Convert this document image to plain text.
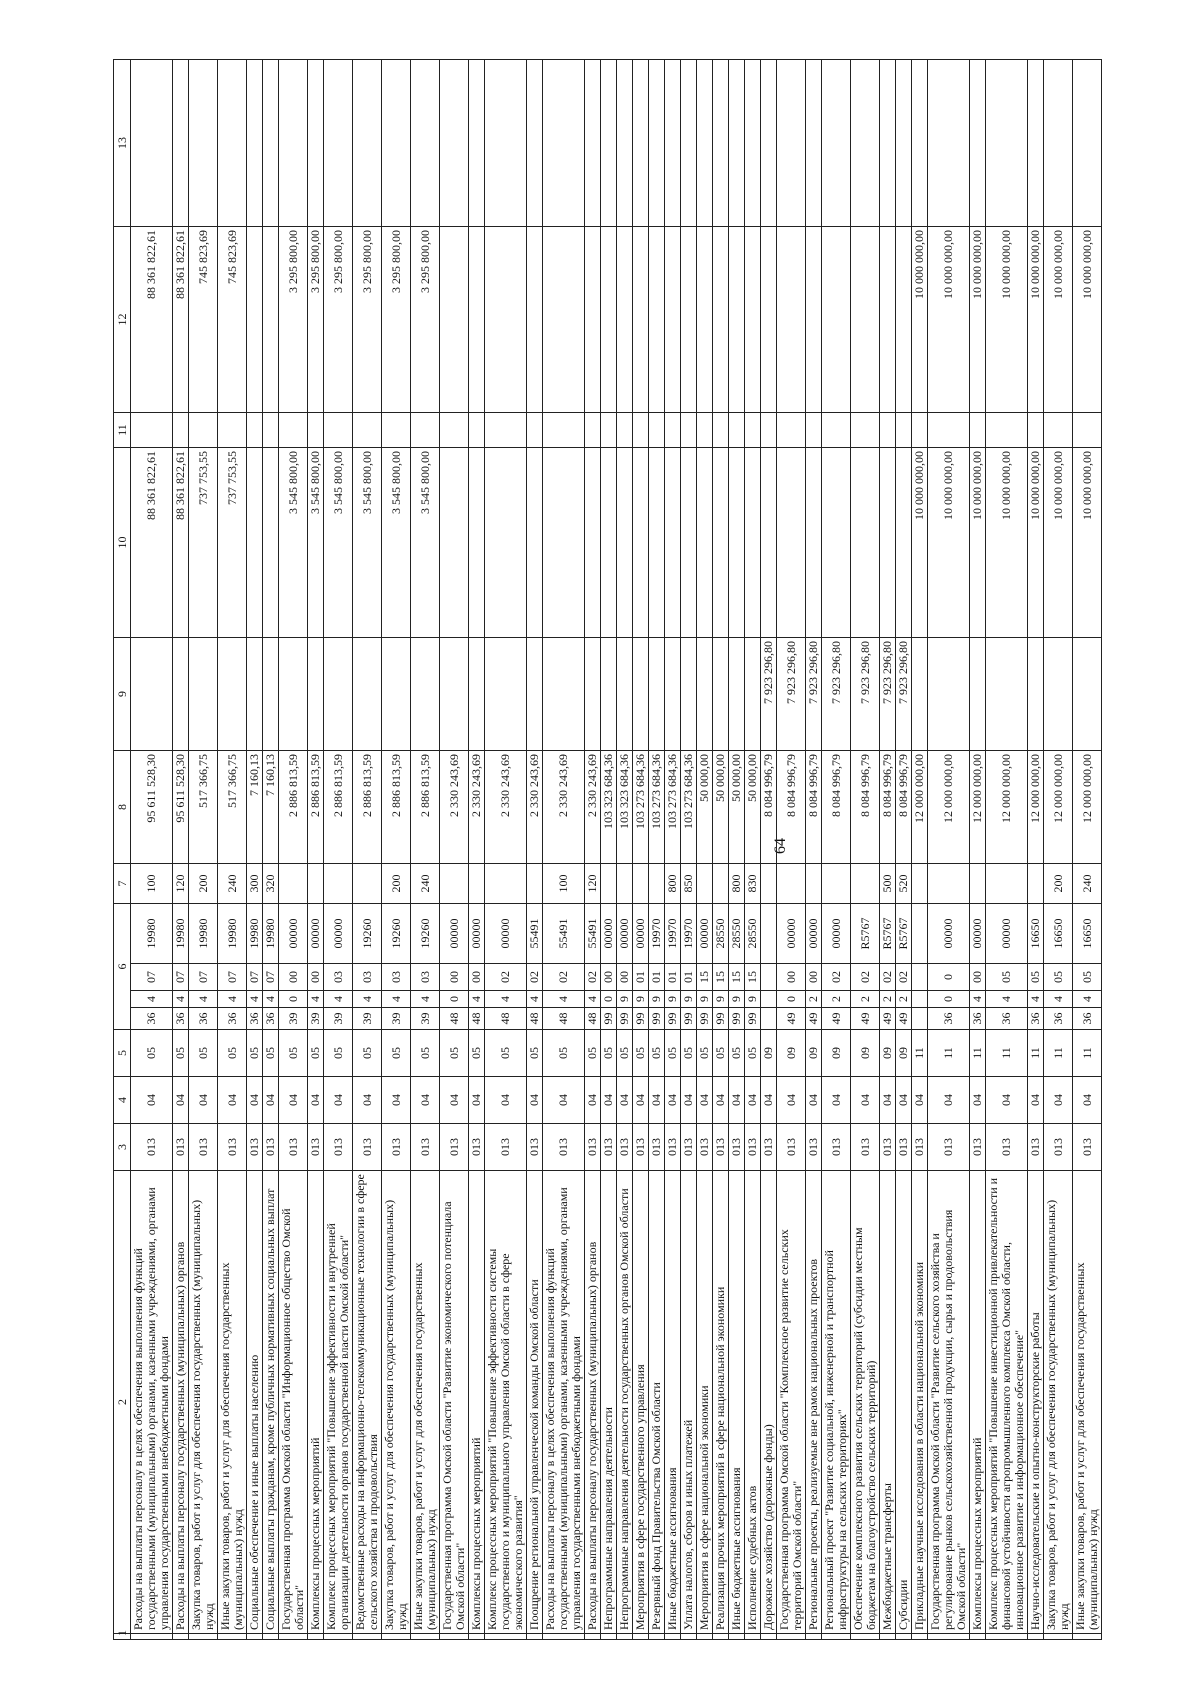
64
1	2	3	4	5	6				7	8	9	10	11	12	13
	Расходы на выплаты персоналу в целях обеспечения выполнения функций государственными (муниципальными) органами, казенными учреждениями, органами управления государственными внебюджетными фондами	013	04	05	36	4	07	19980	100	95 611 528,30		88 361 822,61		88 361 822,61	
	Расходы на выплаты персоналу государственных (муниципальных) органов	013	04	05	36	4	07	19980	120	95 611 528,30		88 361 822,61		88 361 822,61	
	Закупка товаров, работ и услуг для обеспечения государственных (муниципальных) нужд	013	04	05	36	4	07	19980	200	517 366,75		737 753,55		745 823,69	
	Иные закупки товаров, работ и услуг для обеспечения государственных (муниципальных) нужд	013	04	05	36	4	07	19980	240	517 366,75		737 753,55		745 823,69	
	Социальные обеспечение и иные выплаты населению	013	04	05	36	4	07	19980	300	7 160,13					
	Социальные выплаты гражданам, кроме публичных нормативных социальных выплат	013	04	05	36	4	07	19980	320	7 160,13					
	Государственная программа Омской области "Информационное общество Омской области"	013	04	05	39	0	00	00000		2 886 813,59		3 545 800,00		3 295 800,00	
	Комплексы процессных мероприятий	013	04	05	39	4	00	00000		2 886 813,59		3 545 800,00		3 295 800,00	
	Комплекс процессных мероприятий "Повышение эффективности и внутренней организации деятельности органов государственной власти Омской области"	013	04	05	39	4	03	00000		2 886 813,59		3 545 800,00		3 295 800,00	
	Ведомственные расходы на информационно-телекоммуникационные технологии в сфере сельского хозяйства и продовольствия	013	04	05	39	4	03	19260		2 886 813,59		3 545 800,00		3 295 800,00	
	Закупка товаров, работ и услуг для обеспечения государственных (муниципальных) нужд	013	04	05	39	4	03	19260	200	2 886 813,59		3 545 800,00		3 295 800,00	
	Иные закупки товаров, работ и услуг для обеспечения государственных (муниципальных) нужд	013	04	05	39	4	03	19260	240	2 886 813,59		3 545 800,00		3 295 800,00	
	Государственная программа Омской области "Развитие экономического потенциала Омской области"	013	04	05	48	0	00	00000		2 330 243,69					
	Комплексы процессных мероприятий	013	04	05	48	4	00	00000		2 330 243,69					
	Комплекс процессных мероприятий "Повышение эффективности системы государственного и муниципального управления Омской области в сфере экономического развития"	013	04	05	48	4	02	00000		2 330 243,69					
	Поощрение региональной управленческой команды Омской области	013	04	05	48	4	02	55491		2 330 243,69					
	Расходы на выплаты персоналу в целях обеспечения выполнения функций государственными (муниципальными) органами, казенными учреждениями, органами управления государственными внебюджетными фондами	013	04	05	48	4	02	55491	100	2 330 243,69					
	Расходы на выплаты персоналу государственных (муниципальных) органов	013	04	05	48	4	02	55491	120	2 330 243,69					
	Непрограммные направления деятельности	013	04	05	99	0	00	00000		103 323 684,36					
	Непрограммные направления деятельности государственных органов Омской области	013	04	05	99	9	00	00000		103 323 684,36					
	Мероприятия в сфере государственного управления	013	04	05	99	9	01	00000		103 273 684,36					
	Резервный фонд Правительства Омской области	013	04	05	99	9	01	19970		103 273 684,36					
	Иные бюджетные ассигнования	013	04	05	99	9	01	19970	800	103 273 684,36					
	Уплата налогов, сборов и иных платежей	013	04	05	99	9	01	19970	850	103 273 684,36					
	Мероприятия в сфере национальной экономики	013	04	05	99	9	15	00000		50 000,00					
	Реализация прочих мероприятий в сфере национальной экономики	013	04	05	99	9	15	28550		50 000,00					
	Иные бюджетные ассигнования	013	04	05	99	9	15	28550	800	50 000,00					
	Исполнение судебных актов	013	04	05	99	9	15	28550	830	50 000,00					
	Дорожное хозяйство (дорожные фонды)	013	04	09						8 084 996,79	7 923 296,80				
	Государственная программа Омской области "Комплексное развитие сельских территорий Омской области"	013	04	09	49	0	00	00000		8 084 996,79	7 923 296,80				
	Региональные проекты, реализуемые вне рамок национальных проектов	013	04	09	49	2	00	00000		8 084 996,79	7 923 296,80				
	Региональный проект "Развитие социальной, инженерной и транспортной инфраструктуры на сельских территориях"	013	04	09	49	2	02	00000		8 084 996,79	7 923 296,80				
	Обеспечение комплексного развития сельских территорий (субсидии местным бюджетам на благоустройство сельских территорий)	013	04	09	49	2	02	R5767		8 084 996,79	7 923 296,80				
	Межбюджетные трансферты	013	04	09	49	2	02	R5767	500	8 084 996,79	7 923 296,80				
	Субсидии	013	04	09	49	2	02	R5767	520	8 084 996,79	7 923 296,80				
	Прикладные научные исследования в области национальной экономики	013	04	11						12 000 000,00		10 000 000,00		10 000 000,00	
	Государственная программа Омской области "Развитие сельского хозяйства и регулирование рынков сельскохозяйственной продукции, сырья и продовольствия Омской области"	013	04	11	36	0	0	00000		12 000 000,00		10 000 000,00		10 000 000,00	
	Комплексы процессных мероприятий	013	04	11	36	4	00	00000		12 000 000,00		10 000 000,00		10 000 000,00	
	Комплекс процессных мероприятий "Повышение инвестиционной привлекательности и финансовой устойчивости агропромышленного комплекса Омской области, инновационное развитие и информационное обеспечение"	013	04	11	36	4	05	00000		12 000 000,00		10 000 000,00		10 000 000,00	
	Научно-исследовательские и опытно-конструкторские работы	013	04	11	36	4	05	16650		12 000 000,00		10 000 000,00		10 000 000,00	
	Закупка товаров, работ и услуг для обеспечения государственных (муниципальных) нужд	013	04	11	36	4	05	16650	200	12 000 000,00		10 000 000,00		10 000 000,00	
	Иные закупки товаров, работ и услуг для обеспечения государственных (муниципальных) нужд	013	04	11	36	4	05	16650	240	12 000 000,00		10 000 000,00		10 000 000,00	
